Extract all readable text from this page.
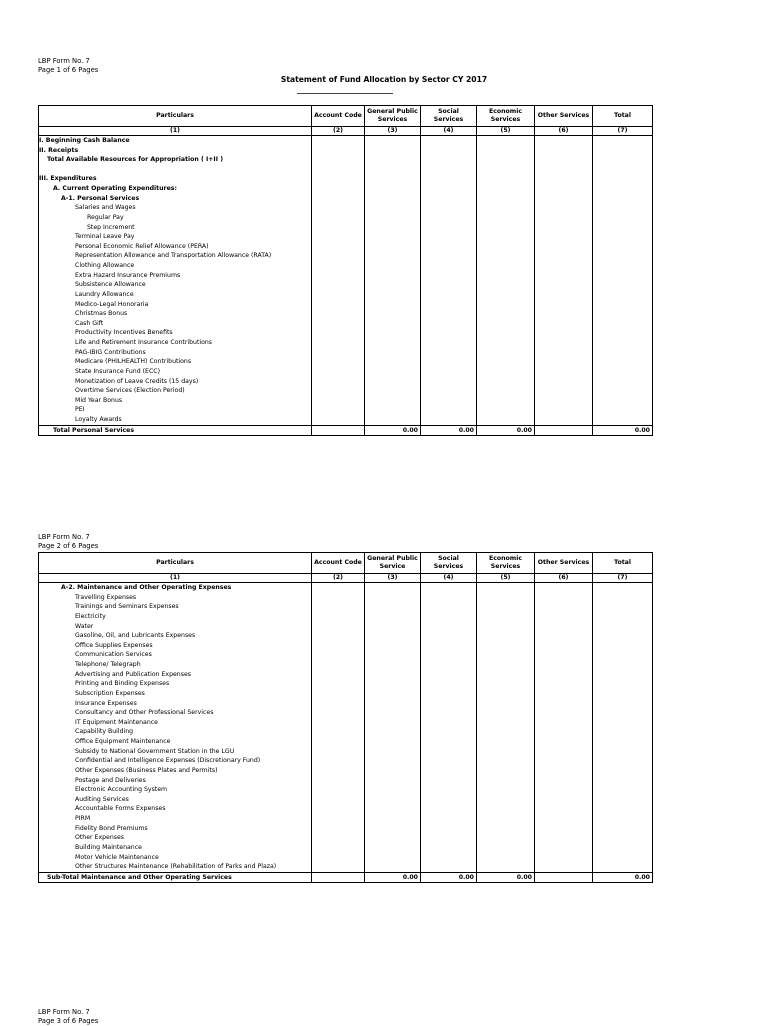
LBP Form No. 7
Page 1 of 6 Pages
Statement of Fund Allocation by Sector CY 2017
Particulars	Account Code	General Public Services	Social Services	Economic Services	Other Services	Total
(1)	(2)	(3)	(4)	(5)	(6)	(7)
I. Beginning Cash Balance						
II. Receipts						
Total Available Resources for Appropriation ( I+II )						

III. Expenditures						
A. Current Operating Expenditures:						
A-1. Personal Services						
Salaries and Wages						
Regular Pay						
Step Increment						
Terminal Leave Pay						
Personal Economic Relief Allowance (PERA)						
Representation Allowance and Transportation Allowance (RATA)						
Clothing Allowance						
Extra Hazard Insurance Premiums						
Subsistence Allowance						
Laundry Allowance						
Medico-Legal Honoraria						
Christmas Bonus						
Cash Gift						
Productivity Incentives Benefits						
Life and Retirement Insurance Contributions						
PAG-IBIG Contributions						
Medicare (PHILHEALTH) Contributions						
State Insurance Fund (ECC)						
Monetization of Leave Credits (15 days)						
Overtime Services (Election Period)						
Mid Year Bonus						
PEI						
Loyalty Awards						
Total Personal Services		0.00	0.00	0.00		0.00
LBP Form No. 7
Page 2 of 6 Pages
Particulars	Account Code	General Public Service	Social Services	Economic Services	Other Services	Total
(1)	(2)	(3)	(4)	(5)	(6)	(7)
A-2. Maintenance and Other Operating Expenses						
Travelling Expenses						
Trainings and Seminars Expenses						
Electricity						
Water						
Gasoline, Oil, and Lubricants Expenses						
Office Supplies Expenses						
Communication Services						
Telephone/ Telegraph						
Advertising and Publication Expenses						
Printing and Binding Expenses						
Subscription Expenses						
Insurance Expenses						
Consultancy and Other Professional Services						
IT Equipment Maintenance						
Capability Building						
Office Equipment Maintenance						
Subsidy to National Government Station in the LGU						
Confidential and Intelligence Expenses (Discretionary Fund)						
Other Expenses (Business Plates and Permits)						
Postage and Deliveries						
Electronic Accounting System						
Auditing Services						
Accountable Forms Expenses						
PIRM						
Fidelity Bond Premiums						
Other Expenses						
Building Maintenance						
Motor Vehicle Maintenance						
Other Structures Maintenance (Rehabilitation of Parks and Plaza)						
Sub-Total Maintenance and Other Operating Services		0.00	0.00	0.00		0.00
LBP Form No. 7
Page 3 of 6 Pages
